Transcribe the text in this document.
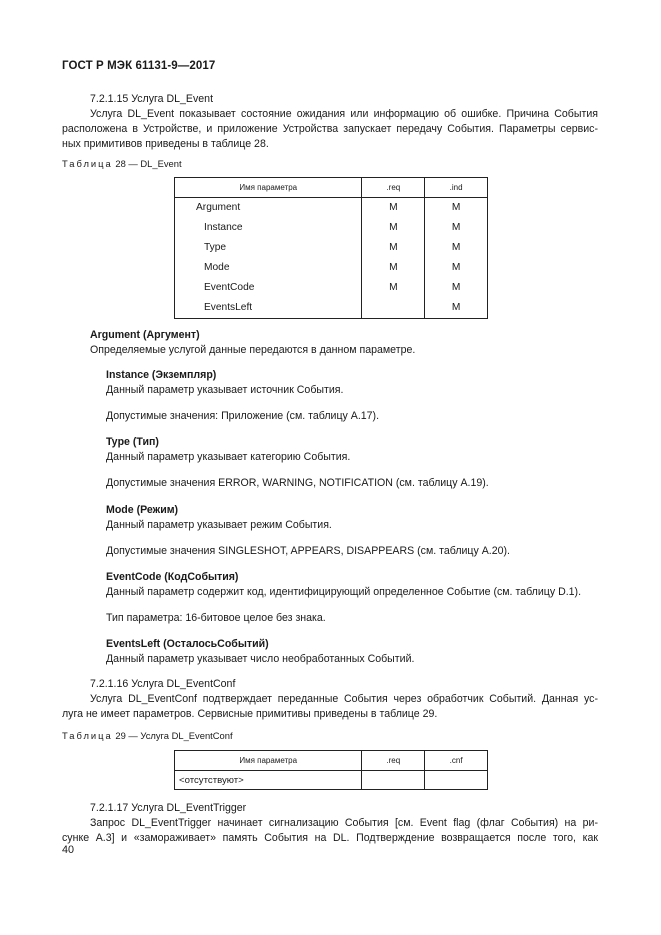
ГОСТ Р МЭК 61131-9—2017
7.2.1.15 Услуга DL_Event
Услуга DL_Event показывает состояние ожидания или информацию об ошибке. Причина События
расположена в Устройстве, и приложение Устройства запускает передачу События. Параметры сервис-
ных примитивов приведены в таблице 28.
Таблица 28 — DL_Event
Имя параметра	.req	.ind
Argument	M	M
Instance	M	M
Type	M	M
Mode	M	M
EventCode	M	M
EventsLeft		M
Argument (Аргумент)
Определяемые услугой данные передаются в данном параметре.
Instance (Экземпляр)
Данный параметр указывает источник События.
Допустимые значения: Приложение (см. таблицу А.17).
Type (Тип)
Данный параметр указывает категорию События.
Допустимые значения ERROR, WARNING, NOTIFICATION (см. таблицу А.19).
Mode (Режим)
Данный параметр указывает режим События.
Допустимые значения SINGLESHOT, APPEARS, DISAPPEARS (см. таблицу А.20).
EventCode (КодСобытия)
Данный параметр содержит код, идентифицирующий определенное Событие (см. таблицу D.1).
Тип параметра: 16-битовое целое без знака.
EventsLeft (ОсталосьСобытий)
Данный параметр указывает число необработанных Событий.
7.2.1.16 Услуга DL_EventConf
Услуга DL_EventConf подтверждает переданные События через обработчик Событий. Данная ус-
луга не имеет параметров. Сервисные примитивы приведены в таблице 29.
Таблица 29 — Услуга DL_EventConf
Имя параметра	.req	.cnf
<отсутствуют>		
7.2.1.17 Услуга DL_EventTrigger
Запрос DL_EventTrigger начинает сигнализацию События [см. Event flag (флаг События) на ри-
сунке А.3] и «замораживает» память События на DL. Подтверждение возвращается после того, как
40
